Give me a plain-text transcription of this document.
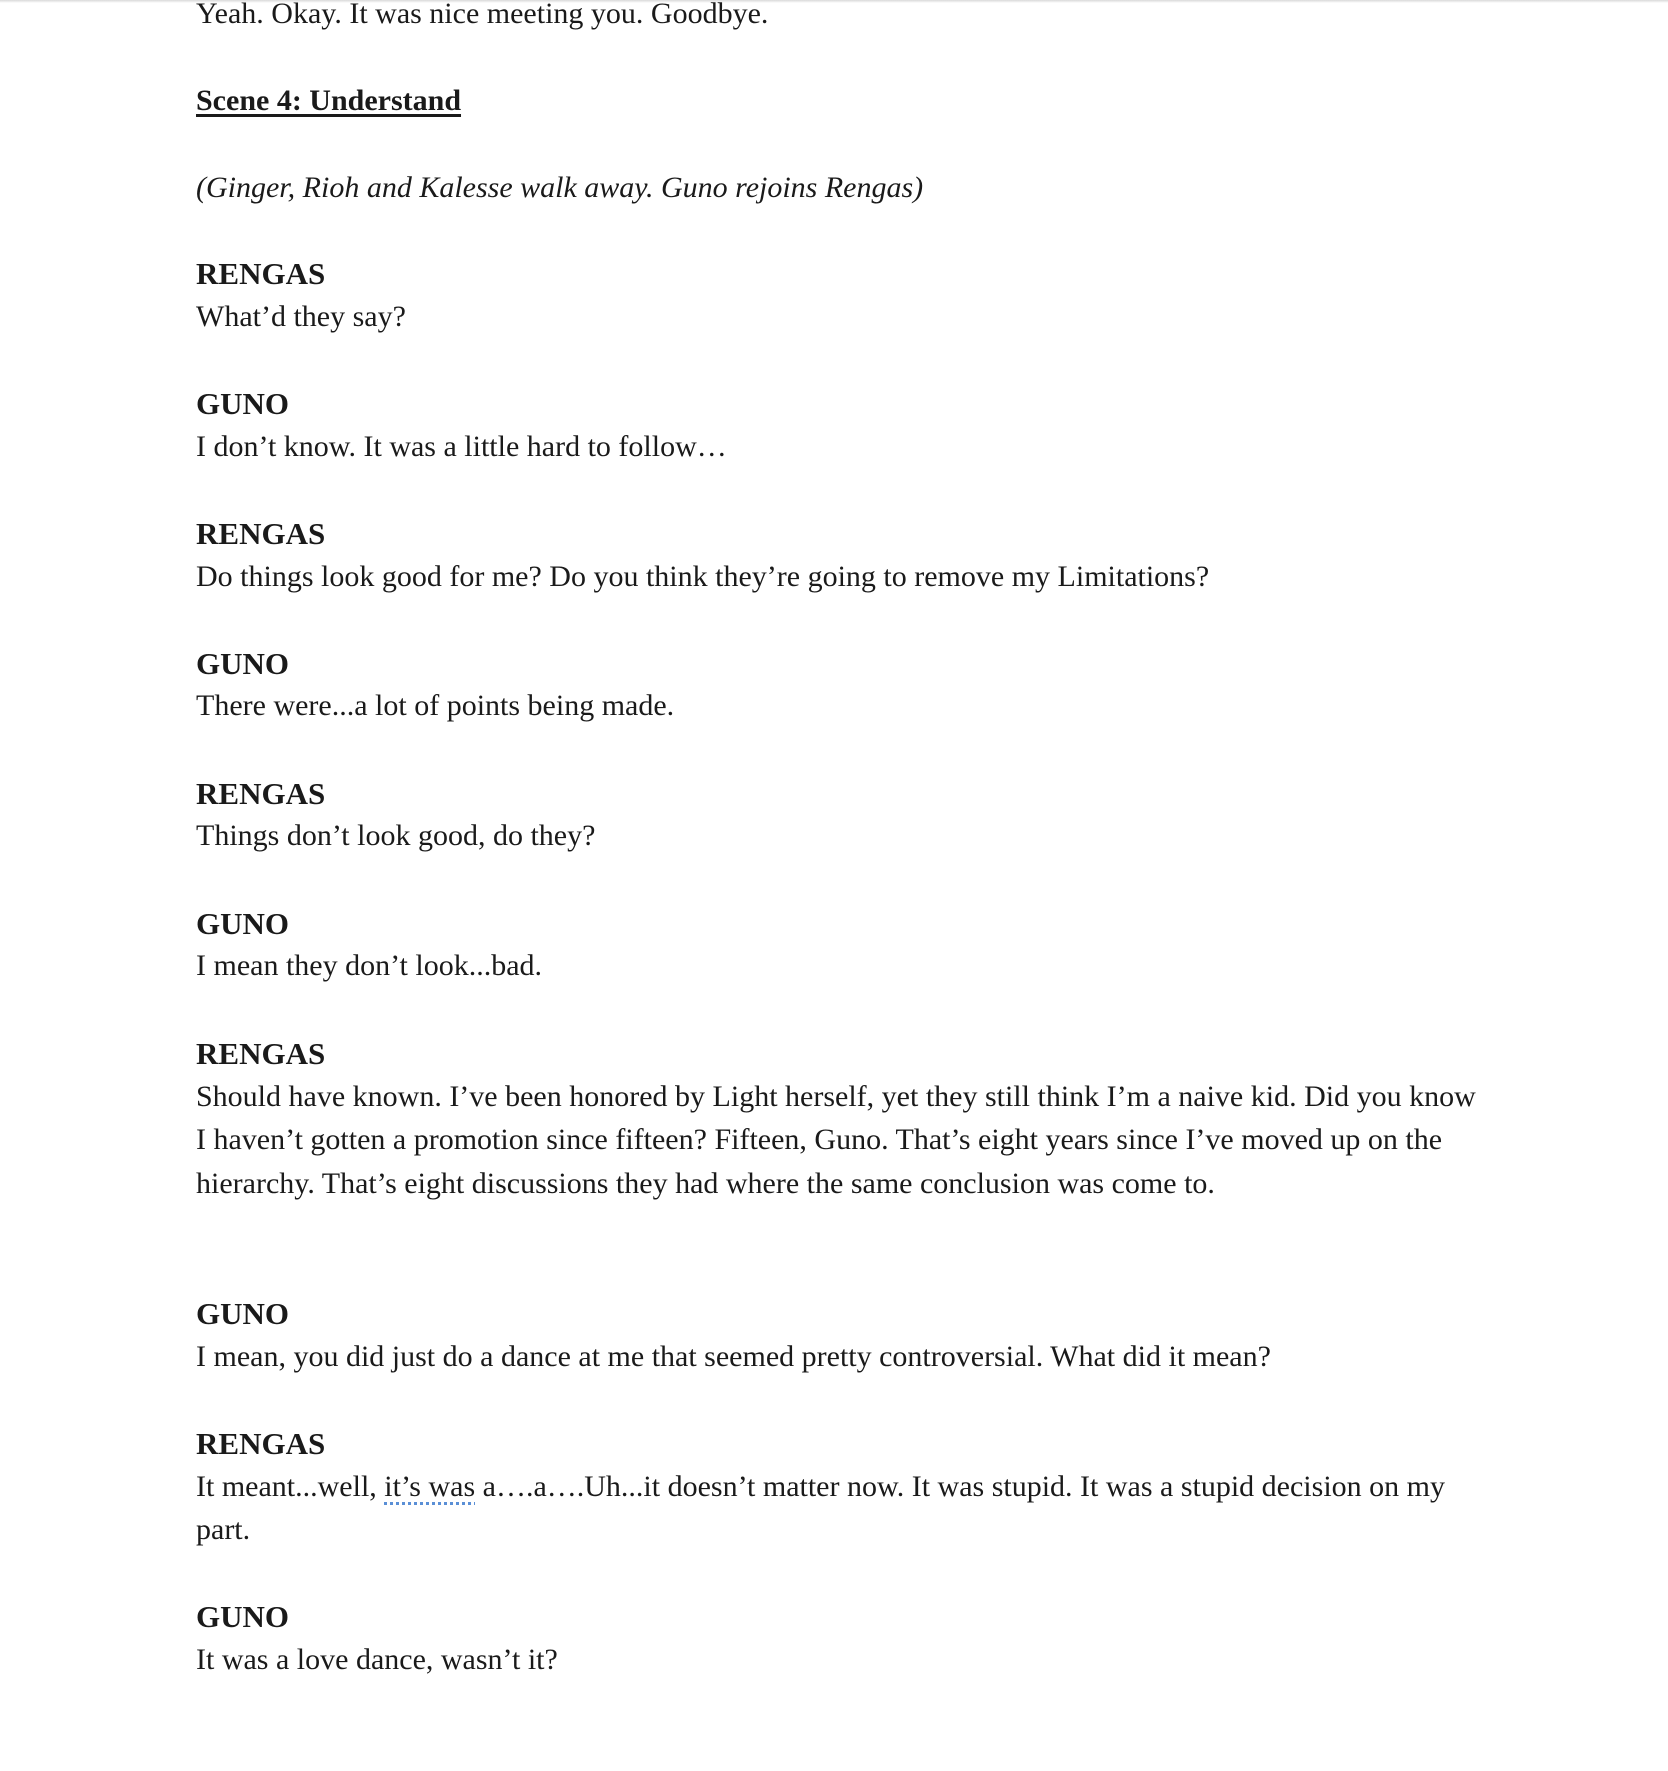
Yeah. Okay. It was nice meeting you. Goodbye.
Scene 4: Understand
(Ginger, Rioh and Kalesse walk away. Guno rejoins Rengas)
RENGAS
What’d they say?
GUNO
I don’t know. It was a little hard to follow…
RENGAS
Do things look good for me? Do you think they’re going to remove my Limitations?
GUNO
There were...a lot of points being made.
RENGAS
Things don’t look good, do they?
GUNO
I mean they don’t look...bad.
RENGAS
Should have known. I’ve been honored by Light herself, yet they still think I’m a naive kid. Did you know I haven’t gotten a promotion since fifteen? Fifteen, Guno. That’s eight years since I’ve moved up on the hierarchy. That’s eight discussions they had where the same conclusion was come to.
GUNO
I mean, you did just do a dance at me that seemed pretty controversial. What did it mean?
RENGAS
It meant...well, it’s was a….a….Uh...it doesn’t matter now. It was stupid. It was a stupid decision on my part.
GUNO
It was a love dance, wasn’t it?
